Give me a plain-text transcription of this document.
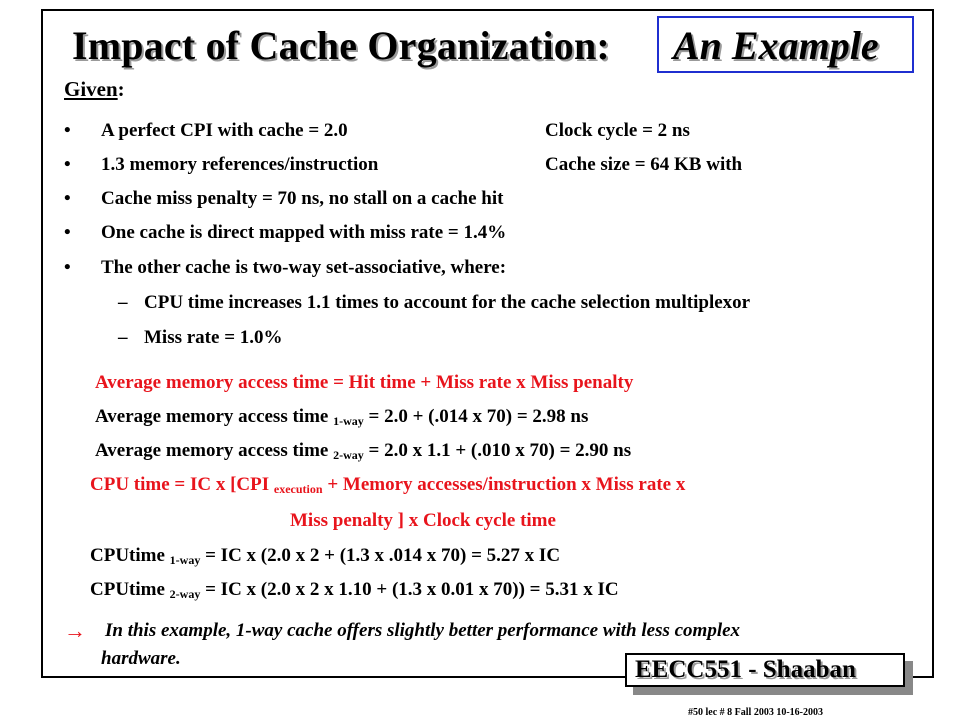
Impact of Cache Organization: An Example
Given:
• A perfect CPI with cache = 2.0	Clock cycle = 2 ns
• 1.3 memory references/instruction	Cache size = 64 KB with
• Cache miss penalty = 70 ns, no stall on a cache hit
• One cache is direct mapped with miss rate = 1.4%
• The other cache is two-way set-associative, where:
– CPU time increases 1.1 times to account for the cache selection multiplexor
– Miss rate = 1.0%
Average memory access time = Hit time + Miss rate x Miss penalty
Average memory access time $_{1-way}$ = 2.0 + (.014 x 70) = 2.98 ns
Average memory access time $_{2-way}$ = 2.0 x 1.1 + (.010 x 70) = 2.90 ns
CPU time = IC x [CPI $_{execution}$ + Memory accesses/instruction x Miss rate x
Miss penalty ] x Clock cycle time
CPUtime $_{1-way}$ = IC x (2.0 x 2 + (1.3 x .014 x 70) = 5.27 x IC
CPUtime $_{2-way}$ = IC x (2.0 x 2 x 1.10 + (1.3 x 0.01 x 70)) = 5.31 x IC
→ In this example, 1-way cache offers slightly better performance with less complex
hardware.	EECC551 - Shaaban
#50 lec # 8 Fall 2003 10-16-2003
